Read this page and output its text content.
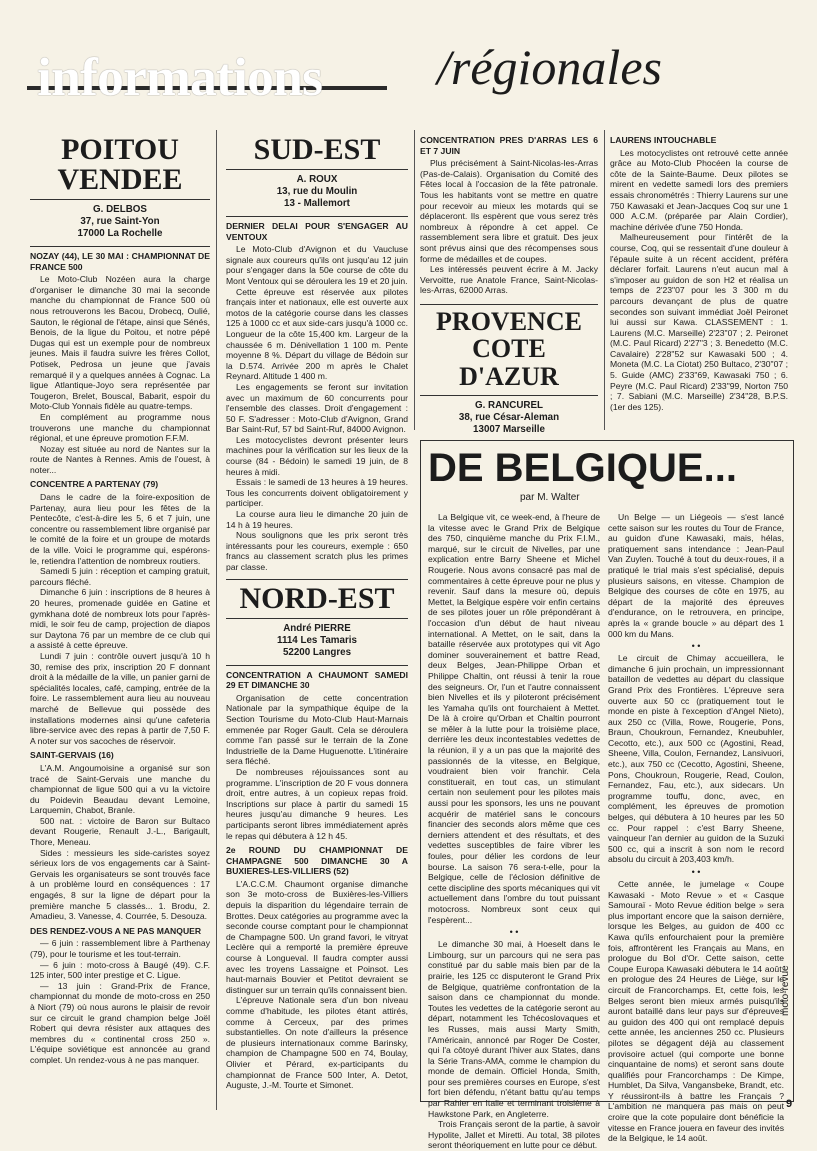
informations /régionales
POITOU
VENDEE
G. DELBOS
37, rue Saint-Yon
17000 La Rochelle
NOZAY (44), LE 30 MAI : CHAMPIONNAT DE FRANCE 500

Le Moto-Club Nozéen aura la charge d'organiser le dimanche 30 mai la seconde manche du championnat de France 500 où nous retrouverons les Bacou, Drobecq, Oulié, Sauton, le régional de l'étape, ainsi que Sénés, Benois, de la ligue du Poitou, et notre pépé Dugas qui est un exemple pour de nombreux jeunes. Mais il faudra suivre les frères Collot, Potisek, Pedrosa un jeune que j'avais remarqué il y a quelques années à Cognac. La ligue Atlantique-Joyo sera représentée par Tougeron, Brelet, Bouscal, Babarit, espoir du Moto-Club Yonnais fidèle au quatre-temps.

En complément au programme nous trouverons une manche du championnat régional, et une épreuve promotion F.F.M.

Nozay est située au nord de Nantes sur la route de Nantes à Rennes. Amis de l'ouest, à noter...

CONCENTRE A PARTENAY (79)

Dans le cadre de la foire-exposition de Partenay, aura lieu pour les fêtes de la Pentecôte, c'est-à-dire les 5, 6 et 7 juin, une concentre ou rassemblement libre organisé par le comité de la foire et un groupe de motards de la ville. Voici le programme qui, espérons-le, retiendra l'attention de nombreux routiers.

Samedi 5 juin : réception et camping gratuit, parcours fléché.

Dimanche 6 juin : inscriptions de 8 heures à 20 heures, promenade guidée en Gatine et gymkhana doté de nombreux lots pour l'après-midi, le soir feu de camp, projection de diapos sur Daytona 76 par un membre de ce club qui a assisté à cette épreuve.

Lundi 7 juin : contrôle ouvert jusqu'à 10 h 30, remise des prix, inscription 20 F donnant droit à la médaille de la ville, un panier garni de spécialités locales, café, camping, entrée de la foire. Le rassemblement aura lieu au nouveau marché de Bellevue qui possède des installations modernes ainsi qu'une cafeteria libre-service avec des repas à partir de 7,50 F. A noter sur vos sacoches de réservoir.

SAINT-GERVAIS (16)

L'A.M. Angoumoisine a organisé sur son tracé de Saint-Gervais une manche du championnat de ligue 500 qui a vu la victoire du Poidevin Beaudau devant Lemoine, Larquemin, Chabot, Branle.

500 nat. : victoire de Baron sur Bultaco devant Rougerie, Renault J.-L., Barigault, Thore, Meneau.

Sides : messieurs les side-caristes soyez sérieux lors de vos engagements car à Saint-Gervais les organisateurs se sont trouvés face à un problème lourd en conséquences : 17 engagés, 8 sur la ligne de départ pour la première manche 5 classés... 1. Brodu, 2. Amadieu, 3. Vanesse, 4. Courrée, 5. Desouza.

DES RENDEZ-VOUS A NE PAS MANQUER

— 6 juin : rassemblement libre à Parthenay (79), pour le tourisme et les tout-terrain.

— 6 juin : moto-cross à Baugé (49). C.F. 125 inter, 500 inter prestige et C. Ligue.

— 13 juin : Grand-Prix de France, championnat du monde de moto-cross en 250 à Niort (79) où nous aurons le plaisir de revoir sur ce circuit le grand champion belge Joël Robert qui devra résister aux attaques des membres du « continental cross 250 ». L'équipe soviétique est annoncée au grand complet. Un rendez-vous à ne pas manquer.

SUD-EST
A. ROUX
13, rue du Moulin
13 - Mallemort
DERNIER DELAI POUR S'ENGAGER AU VENTOUX

Le Moto-Club d'Avignon et du Vaucluse signale aux coureurs qu'ils ont jusqu'au 12 juin pour s'engager dans la 50e course de côte du Mont Ventoux qui se déroulera les 19 et 20 juin.

Cette épreuve est réservée aux pilotes français inter et nationaux, elle est ouverte aux motos de la catégorie course dans les classes 125 à 1000 cc et aux side-cars jusqu'à 1000 cc. Longueur de la côte 15,400 km. Largeur de la chaussée 6 m. Dénivellation 1 100 m. Pente moyenne 8 %. Départ du village de Bédoin sur la D.574. Arrivée 200 m après le Chalet Reynard. Altitude 1 400 m.

Les engagements se feront sur invitation avec un maximum de 60 concurrents pour l'ensemble des classes. Droit d'engagement : 50 F. S'adresser : Moto-Club d'Avignon, Grand Bar Saint-Ruf, 57 bd Saint-Ruf, 84000 Avignon.

Les motocyclistes devront présenter leurs machines pour la vérification sur les lieux de la course (84 - Bédoin) le samedi 19 juin, de 8 heures à midi.

Essais : le samedi de 13 heures à 19 heures. Tous les concurrents doivent obligatoirement y participer.

La course aura lieu le dimanche 20 juin de 14 h à 19 heures.

Nous soulignons que les prix seront très intéressants pour les coureurs, exemple : 650 francs au classement scratch plus les primes par classe.

NORD-EST
André PIERRE
1114 Les Tamaris
52200 Langres
CONCENTRATION A CHAUMONT SAMEDI 29 ET DIMANCHE 30

Organisation de cette concentration Nationale par la sympathique équipe de la Section Tourisme du Moto-Club Haut-Marnais emmenée par Roger Gault. Cela se déroulera comme l'an passé sur le terrain de la Zone Industrielle de la Dame Huguenotte. L'itinéraire sera fléché.

De nombreuses réjouissances sont au programme. L'inscription de 20 F vous donnera droit, entre autres, à un copieux repas froid. Inscriptions sur place à partir du samedi 15 heures jusqu'au dimanche 9 heures. Les participants seront libres immédiatement après le repas qui débutera à 12 h 45.

2e ROUND DU CHAMPIONNAT DE CHAMPAGNE 500 DIMANCHE 30 A BUXIERES-LES-VILLIERS (52)

L'A.C.C.M. Chaumont organise dimanche son 3e moto-cross de Buxières-les-Villiers depuis la disparition du légendaire terrain de Brottes. Deux catégories au programme avec la seconde course comptant pour le championnat de Champagne 500. Un grand favori, le vitryat Leclère qui a remporté la première épreuve course à Longueval. Il faudra compter aussi avec les troyens Lassaigne et Poinsot. Les haut-marnais Bouvier et Petitot devraient se distinguer sur un terrain qu'ils connaissent bien.

L'épreuve Nationale sera d'un bon niveau comme d'habitude, les pilotes étant attirés, comme à Cerceux, par des primes substantielles. On note d'ailleurs la présence de plusieurs internationaux comme Barinsky, champion de Champagne 500 en 74, Boulay, Olivier et Pérard, ex-participants du championnat de France 500 Inter, A. Detot, Auguste, J.-M. Tourte et Simonet.

CONCENTRATION PRES D'ARRAS LES 6 ET 7 JUIN

Plus précisément à Saint-Nicolas-les-Arras (Pas-de-Calais). Organisation du Comité des Fêtes local à l'occasion de la fête patronale. Tous les habitants vont se mettre en quatre pour recevoir au mieux les motards qui se déplaceront. Ils espèrent que vous serez très nombreux à répondre à cet appel. Ce rassemblement sera libre et gratuit. Des jeux sont prévus ainsi que des récompenses sous forme de médailles et de coupes.

Les intéressés peuvent écrire à M. Jacky Vervoitte, rue Anatole France, Saint-Nicolas-les-Arras, 62000 Arras.

PROVENCE
COTE D'AZUR
G. RANCUREL
38, rue César-Aleman
13007 Marseille
LAURENS INTOUCHABLE

Les motocyclistes ont retrouvé cette année grâce au Moto-Club Phocéen la course de côte de la Sainte-Baume. Deux pilotes se mirent en vedette samedi lors des premiers essais chronométrés : Thierry Laurens sur une 750 Kawasaki et Jean-Jacques Coq sur une 1 000 A.C.M. (préparée par Alain Cordier), machine dérivée d'une 750 Honda.

Malheureusement pour l'intérêt de la course, Coq, qui se ressentait d'une douleur à l'épaule suite à un récent accident, préféra déclarer forfait. Laurens n'eut aucun mal à s'imposer au guidon de son H2 et réalisa un temps de 2'23"07 pour les 3 300 m du parcours devançant de plus de quatre secondes son suivant immédiat Joël Peironet lui aussi sur Kawa. CLASSEMENT : 1. Laurens (M.C. Marseille) 2'23"07 ; 2. Peironet (M.C. Paul Ricard) 2'27"3 ; 3. Benedetto (M.C. Cavalaire) 2'28"52 sur Kawasaki 500 ; 4. Moneta (M.C. La Ciotat) 250 Bultaco, 2'30"07 ; 5. Guide (AMC) 2'33"69, Kawasaki 750 ; 6. Peyre (M.C. Paul Ricard) 2'33"99, Norton 750 ; 7. Sabiani (M.C. Marseille) 2'34"28, B.P.S. (1er des 125).

DE BELGIQUE...
par M. Walter

La Belgique vit, ce week-end, à l'heure de la vitesse avec le Grand Prix de Belgique des 750, cinquième manche du Prix F.I.M., marqué, sur le circuit de Nivelles, par une explication entre Barry Sheene et Michel Rougerie. Nous avons consacré pas mal de commentaires à cette épreuve pour ne plus y revenir. Sauf dans la mesure où, depuis Mettet, la Belgique espère voir enfin certains de ses pilotes jouer un rôle prépondérant à l'occasion d'un début de haut niveau international. A Mettet, on le sait, dans la bataille réservée aux prototypes qui vit Ago dominer souverainement et battre Read, deux Belges, Jean-Philippe Orban et Philippe Chaltin, ont réussi à tenir la roue des seigneurs. Or, l'un et l'autre connaissent bien Nivelles et ils y piloteront précisément les Yamaha qu'ils ont fourchaient à Mettet. De là à croire qu'Orban et Chaltin pourront se mêler à la lutte pour la troisième place, derrière les deux incontestables vedettes de la réunion, il y a un pas que la majorité des passionnés de la vitesse, en Belgique, voudraient bien voir franchir. Cela constituerait, en tout cas, un stimulant certain non seulement pour les pilotes mais aussi pour les sponsors, les uns ne pouvant acquérir de matériel sans le concours financier des seconds alors même que ces derniers attendent et des résultats, et des vedettes susceptibles de faire vibrer les foules, pour délier les cordons de leur bourse. La saison 76 sera-t-elle, pour la Belgique, celle de l'éclosion définitive de cette discipline des sports mécaniques qui vit actuellement dans l'ombre du tout puissant motocross. Nombreux sont ceux qui l'espèrent...

• •

Le dimanche 30 mai, à Hoeselt dans le Limbourg, sur un parcours qui ne sera pas constitué par du sable mais bien par de la prairie, les 125 cc disputeront le Grand Prix de Belgique, quatrième confrontation de la saison dans ce championnat du monde. Toutes les vedettes de la catégorie seront au départ, notamment les Tchécoslovaques et les Russes, mais aussi Marty Smith, l'Américain, annoncé par Roger De Coster, qui l'a côtoyé durant l'hiver aux States, dans la Série Trans-AMA, comme le champion du monde de demain. Officiel Honda, Smith, pour ses premières courses en Europe, s'est fort bien défendu, n'étant battu qu'au temps par Rahier en Italie et terminant troisième à Hawkstone Park, en Angleterre.

Trois Français seront de la partie, à savoir Hypolite, Jallet et Miretti. Au total, 38 pilotes seront théoriquement en lutte pour ce début.

Un Belge — un Liégeois — s'est lancé cette saison sur les routes du Tour de France, au guidon d'une Kawasaki, mais, hélas, pratiquement sans intendance : Jean-Paul Van Zuylen. Touché à tout du deux-roues, il a pratiqué le trial mais s'est spécialisé, depuis plusieurs saisons, en vitesse. Champion de Belgique des courses de côte en 1975, au départ de la majorité des épreuves d'endurance, on le retrouvera, en principe, après la « grande boucle » au départ des 1 000 km du Mans.

• •

Le circuit de Chimay accueillera, le dimanche 6 juin prochain, un impressionnant bataillon de vedettes au départ du classique Grand Prix des Frontières. L'épreuve sera ouverte aux 50 cc (pratiquement tout le monde en piste à l'exception d'Angel Nieto), aux 250 cc (Villa, Rowe, Rougerie, Pons, Braun, Choukroun, Fernandez, Kneubuhler, Cecotto, etc.), aux 500 cc (Agostini, Read, Sheene, Villa, Coulon, Fernandez, Lansivuori, etc.), aux 750 cc (Cecotto, Agostini, Sheene, Pons, Choukroun, Rougerie, Read, Coulon, Fernandez, Fau, etc.), aux sidecars. Un programme touffu, donc, avec, en complément, les épreuves de promotion belges, qui débutera à 10 heures par les 50 cc. Pour rappel : c'est Barry Sheene, vainqueur l'an dernier au guidon de la Suzuki 500 cc, qui a inscrit à son nom le record absolu du circuit à 203,403 km/h.

• •

Cette année, le jumelage « Coupe Kawasaki - Moto Revue » et « Casque Samouraï - Moto Revue édition belge » sera plus important encore que la saison dernière, lorsque les Belges, au guidon de 400 cc Kawa qu'ils enfourchaient pour la première fois, affrontèrent les Français au Mans, en prologue du Bol d'Or. Cette saison, cette Coupe Europa Kawasaki débutera le 14 août, en prologue des 24 Heures de Liège, sur le circuit de Francorchamps. Et, cette fois, les Belges seront bien mieux armés puisqu'ils auront bataillé dans leur pays sur d'épreuves au guidon des 400 qui ont remplacé depuis cette année, les anciennes 250 cc. Plusieurs pilotes se dégagent déjà au classement provisoire actuel (qui comporte une bonne cinquantaine de noms) et seront sans doute qualifiés pour Francorchamps : De Kimpe, Humblet, Da Silva, Vangansbeke, Brandt, etc. Y réussiront-ils à battre les Français ? L'ambition ne manquera pas mais on peut croire que la cote populaire dont bénéficie la vitesse en France jouera en faveur des invités de la Belgique, le 14 août.

moto-revue
9
